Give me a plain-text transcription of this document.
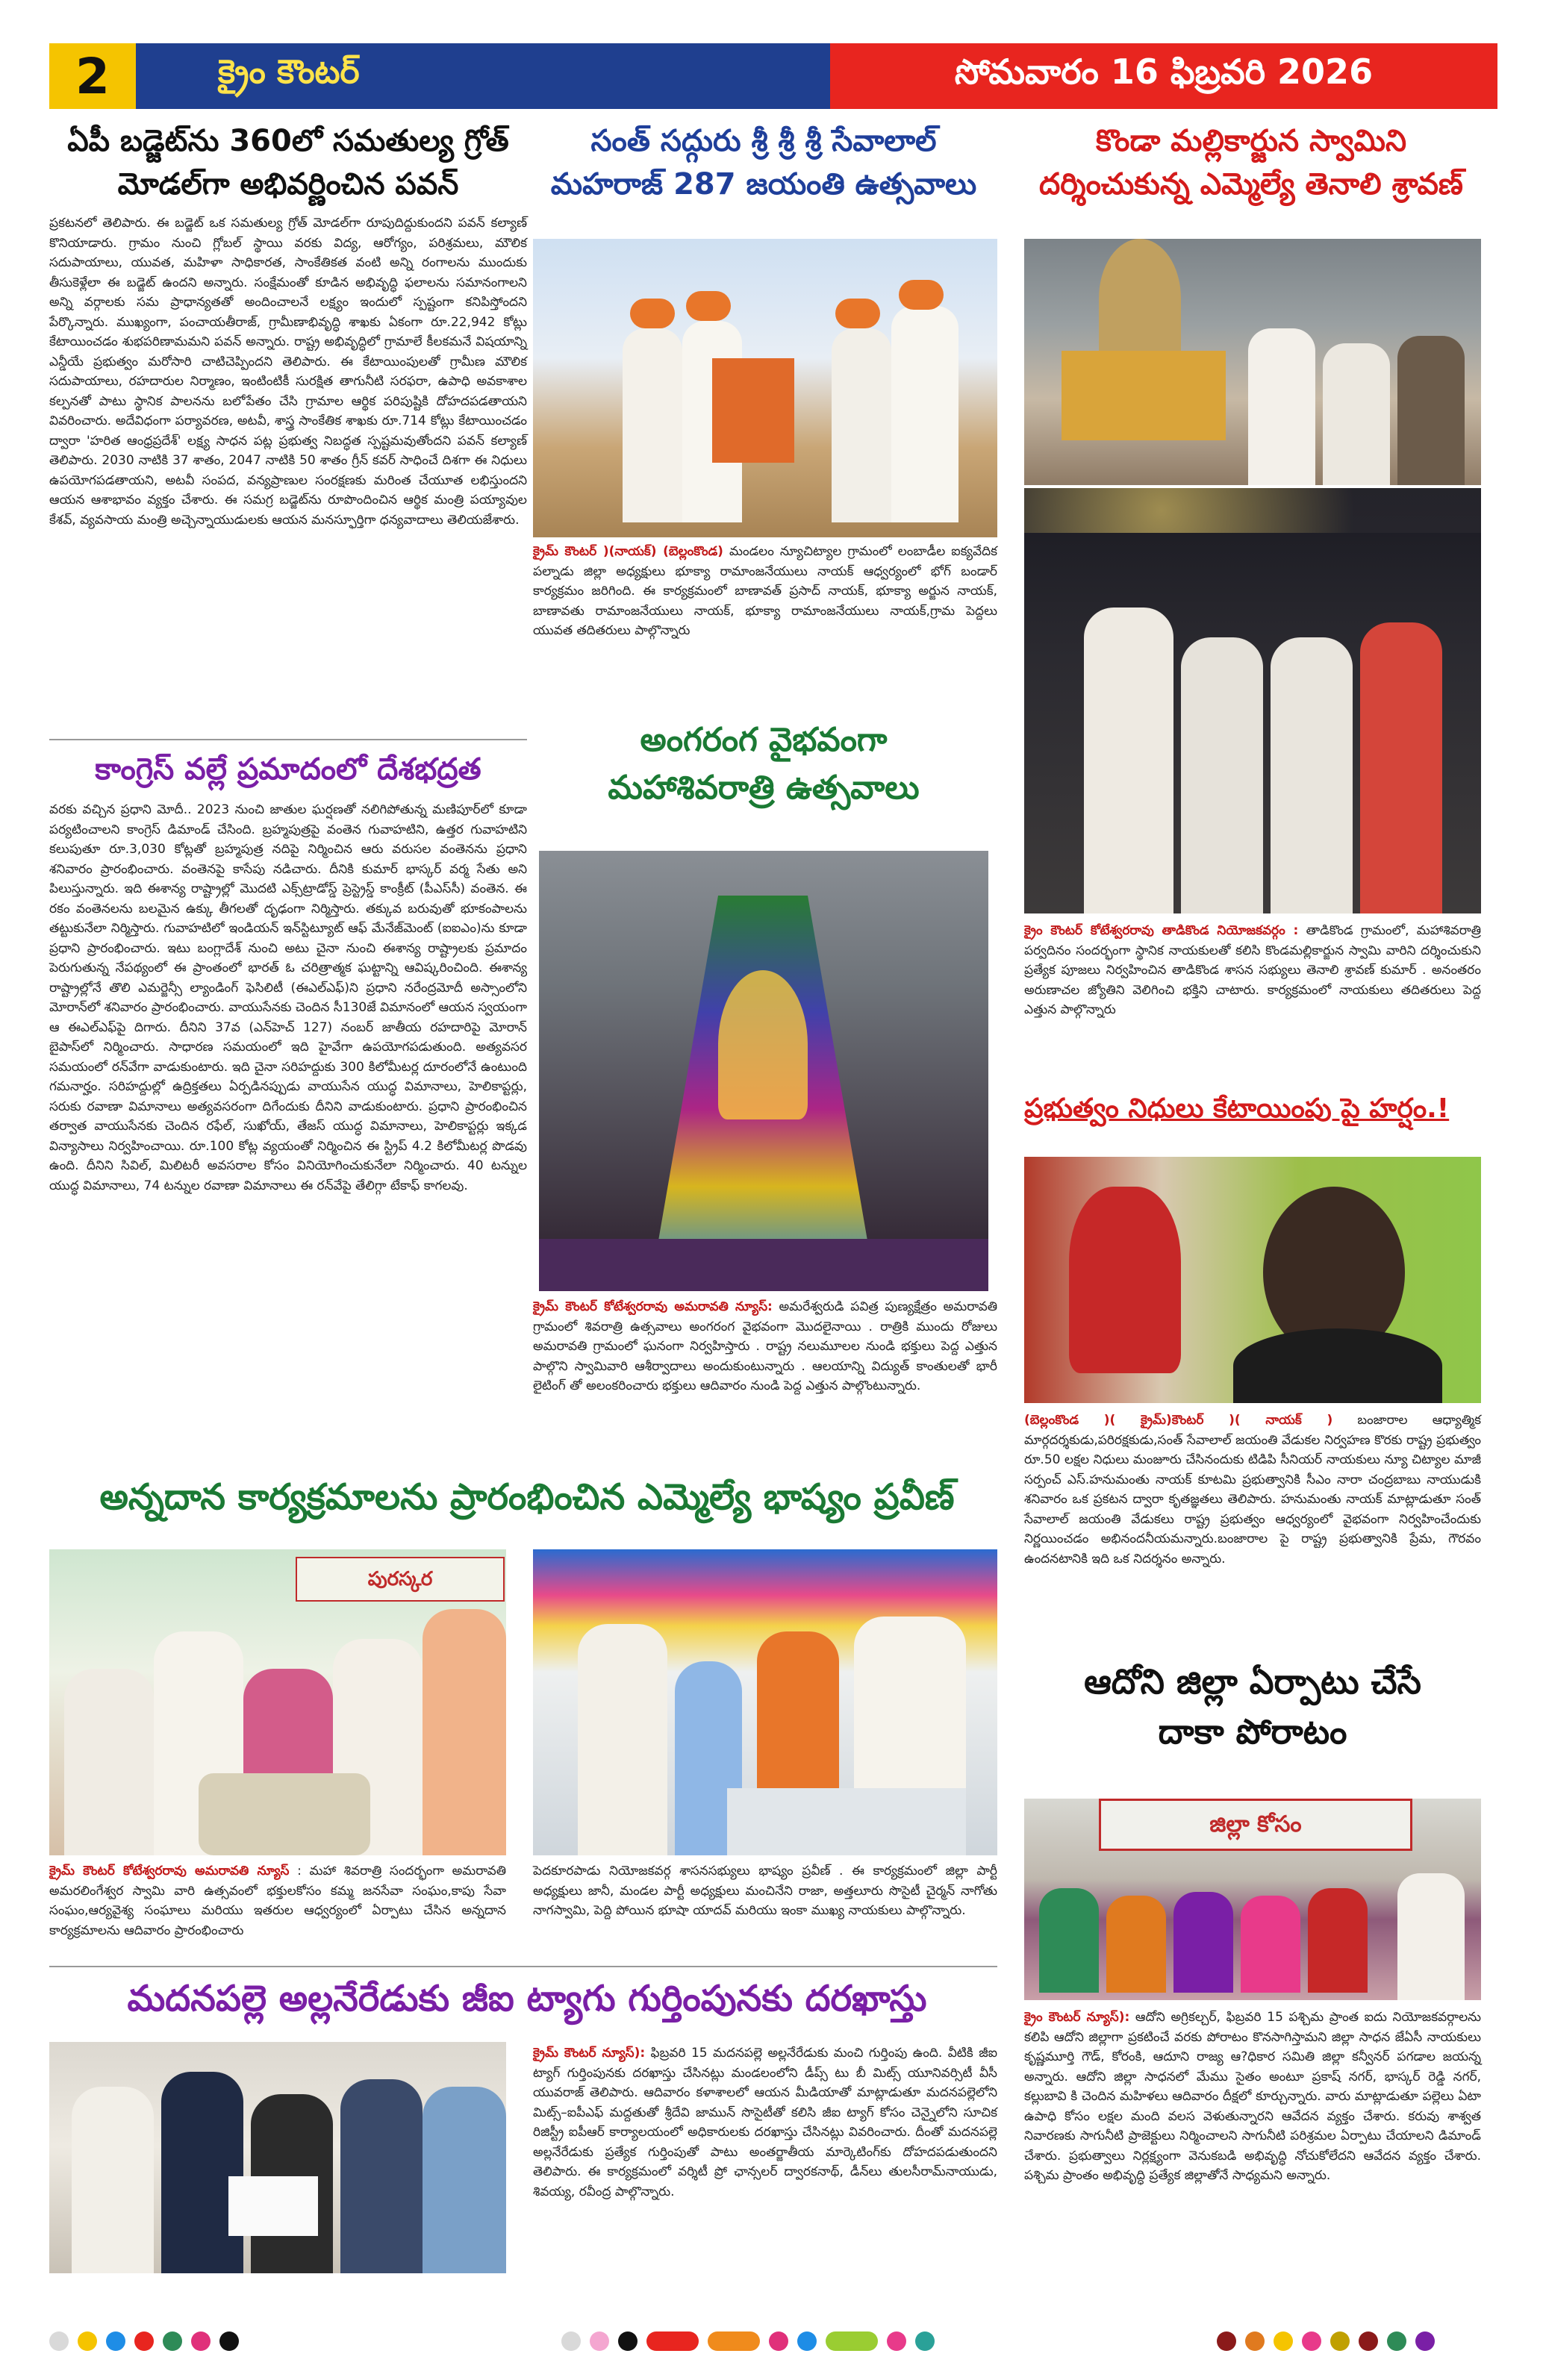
2	క్రైం కౌంటర్	సోమవారం 16 ఫిబ్రవరి 2026
ఏపీ బడ్జెట్‌ను 360లో సమతుల్య గ్రోత్
మోడల్‌గా అభివర్ణించిన పవన్
ప్రకటనలో తెలిపారు. ఈ బడ్జెట్ ఒక సమతుల్య గ్రోత్ మోడల్‌గా రూపుదిద్దుకుందని పవన్ కల్యాణ్ కొనియాడారు. గ్రామం నుంచి గ్లోబల్ స్థాయి వరకు విద్య, ఆరోగ్యం, పరిశ్రమలు, మౌలిక సదుపాయాలు, యువత, మహిళా సాధికారత, సాంకేతికత వంటి అన్ని రంగాలను ముందుకు తీసుకెళ్లేలా ఈ బడ్జెట్ ఉందని అన్నారు. సంక్షేమంతో కూడిన అభివృద్ధి ఫలాలను సమానంగాలని అన్ని వర్గాలకు సమ ప్రాధాన్యతతో అందించాలనే లక్ష్యం ఇందులో స్పష్టంగా కనిపిస్తోందని పేర్కొన్నారు. ముఖ్యంగా, పంచాయతీరాజ్, గ్రామీణాభివృద్ధి శాఖకు ఏకంగా రూ.22,942 కోట్లు కేటాయించడం శుభపరిణామమని పవన్ అన్నారు. రాష్ట్ర అభివృద్ధిలో గ్రామాలే కీలకమనే విషయాన్ని ఎన్డీయే ప్రభుత్వం మరోసారి చాటిచెప్పిందని తెలిపారు. ఈ కేటాయింపులతో గ్రామీణ మౌలిక సదుపాయాలు, రహదారుల నిర్మాణం, ఇంటింటికీ సురక్షిత తాగునీటి సరఫరా, ఉపాధి అవకాశాల కల్పనతో పాటు స్థానిక పాలనను బలోపేతం చేసి గ్రామాల ఆర్థిక పరిపుష్టికి దోహదపడతాయని వివరించారు. అదేవిధంగా పర్యావరణ, అటవీ, శాస్త్ర సాంకేతిక శాఖకు రూ.714 కోట్లు కేటాయించడం ద్వారా 'హరిత ఆంధ్రప్రదేశ్' లక్ష్య సాధన పట్ల ప్రభుత్వ నిబద్ధత స్పష్టమవుతోందని పవన్ కల్యాణ్ తెలిపారు. 2030 నాటికి 37 శాతం, 2047 నాటికి 50 శాతం గ్రీన్ కవర్ సాధించే దిశగా ఈ నిధులు ఉపయోగపడతాయని, అటవీ సంపద, వన్యప్రాణుల సంరక్షణకు మరింత చేయూత లభిస్తుందని ఆయన ఆశాభావం వ్యక్తం చేశారు. ఈ సమగ్ర బడ్జెట్‌ను రూపొందించిన ఆర్థిక మంత్రి పయ్యావుల కేశవ్, వ్యవసాయ మంత్రి అచ్చెన్నాయుడులకు ఆయన మనస్ఫూర్తిగా ధన్యవాదాలు తెలియజేశారు.
కాంగ్రెస్ వల్లే ప్రమాదంలో దేశభద్రత
వరకు వచ్చిన ప్రధాని మోదీ.. 2023 నుంచి జాతుల ఘర్షణతో నలిగిపోతున్న మణిపూర్‌లో కూడా పర్యటించాలని కాంగ్రెస్ డిమాండ్ చేసింది. బ్రహ్మపుత్రపై వంతెన గువాహటిని, ఉత్తర గువాహటిని కలుపుతూ రూ.3,030 కోట్లతో బ్రహ్మపుత్ర నదిపై నిర్మించిన ఆరు వరుసల వంతెనను ప్రధాని శనివారం ప్రారంభించారు. వంతెనపై కాసేపు నడిచారు. దీనికి కుమార్ భాస్కర్ వర్మ సేతు అని పిలుస్తున్నారు. ఇది ఈశాన్య రాష్ట్రాల్లో మొదటి ఎక్స్‌ట్రాడోస్డ్ ప్రెస్ట్రెస్డ్ కాంక్రీట్ (పీఎస్‌సీ) వంతెన. ఈ రకం వంతెనలను బలమైన ఉక్కు తీగలతో దృఢంగా నిర్మిస్తారు. తక్కువ బరువుతో భూకంపాలను తట్టుకునేలా నిర్మిస్తారు. గువాహటిలో ఇండియన్ ఇన్‌స్టిట్యూట్ ఆఫ్ మేనేజ్‌మెంట్ (ఐఐఎం)ను కూడా ప్రధాని ప్రారంభించారు. ఇటు బంగ్లాదేశ్ నుంచి అటు చైనా నుంచి ఈశాన్య రాష్ట్రాలకు ప్రమాదం పెరుగుతున్న నేపథ్యంలో ఈ ప్రాంతంలో భారత్ ఓ చరిత్రాత్మక ఘట్టాన్ని ఆవిష్కరించింది. ఈశాన్య రాష్ట్రాల్లోనే తొలి ఎమర్జెన్సీ ల్యాండింగ్ ఫెసిలిటీ (ఈఎల్ఎఫ్)ని ప్రధాని నరేంద్రమోదీ అస్సాంలోని మోరాన్‌లో శనివారం ప్రారంభించారు. వాయుసేనకు చెందిన సీ130జే విమానంలో ఆయన స్వయంగా ఆ ఈఎల్ఎఫ్‌పై దిగారు. దీనిని 37వ (ఎన్‌హెచ్ 127) నంబర్ జాతీయ రహదారిపై మోరాన్ బైపాస్‌లో నిర్మించారు. సాధారణ సమయంలో ఇది హైవేగా ఉపయోగపడుతుంది. అత్యవసర సమయంలో రన్‌వేగా వాడుకుంటారు. ఇది చైనా సరిహద్దుకు 300 కిలోమీటర్ల దూరంలోనే ఉంటుంది గమనార్హం. సరిహద్దుల్లో ఉద్రిక్తతలు ఏర్పడినప్పుడు వాయుసేన యుద్ధ విమానాలు, హెలికాప్టర్లు, సరుకు రవాణా విమానాలు అత్యవసరంగా దిగేందుకు దీనిని వాడుకుంటారు. ప్రధాని ప్రారంభించిన తర్వాత వాయుసేనకు చెందిన రఫేల్, సుఖోయ్, తేజస్ యుద్ధ విమానాలు, హెలికాప్టర్లు ఇక్కడ విన్యాసాలు నిర్వహించాయి. రూ.100 కోట్ల వ్యయంతో నిర్మించిన ఈ స్ట్రిప్ 4.2 కిలోమీటర్ల పొడవు ఉంది. దీనిని సివిల్, మిలిటరీ అవసరాల కోసం వినియోగించుకునేలా నిర్మించారు. 40 టన్నుల యుద్ధ విమానాలు, 74 టన్నుల రవాణా విమానాలు ఈ రన్‌వేపై తేలిగ్గా టేకాఫ్ కాగలవు.
సంత్ సద్గురు శ్రీ శ్రీ శ్రీ సేవాలాల్
మహరాజ్ 287 జయంతి ఉత్సవాలు
క్రైమ్ కౌంటర్ )(నాయక్) (బెల్లంకొండ) మండలం న్యూచిట్యాల గ్రామంలో లంబాడీల ఐక్యవేదిక పల్నాడు జిల్లా అధ్యక్షులు భూక్యా రామాంజనేయులు నాయక్ ఆధ్వర్యంలో భోగ్ బండార్ కార్యక్రమం జరిగింది. ఈ కార్యక్రమంలో బాణావత్ ప్రసాద్ నాయక్, భూక్యా అర్జున నాయక్, బాణావతు రామాంజనేయులు నాయక్, భూక్యా రామాంజనేయులు నాయక్,గ్రామ పెద్దలు యువత తదితరులు పాల్గొన్నారు
అంగరంగ వైభవంగా
మహాశివరాత్రి ఉత్సవాలు
క్రైమ్ కౌంటర్ కోటేశ్వరరావు అమరావతి న్యూస్: అమరేశ్వరుడి పవిత్ర పుణ్యక్షేత్రం అమరావతి గ్రామంలో శివరాత్రి ఉత్సవాలు అంగరంగ వైభవంగా మొదలైనాయి . రాత్రికి ముందు రోజులు అమరావతి గ్రామంలో ఘనంగా నిర్వహిస్తారు . రాష్ట్ర నలుమూలల నుండి భక్తులు పెద్ద ఎత్తున పాల్గొని స్వామివారి ఆశీర్వాదాలు అందుకుంటున్నారు . ఆలయాన్ని విద్యుత్ కాంతులతో భారీ లైటింగ్ తో అలంకరించారు భక్తులు ఆదివారం నుండి పెద్ద ఎత్తున పాల్గొంటున్నారు.
కొండా మల్లికార్జున స్వామిని
దర్శించుకున్న ఎమ్మెల్యే తెనాలి శ్రావణ్
క్రైం కౌంటర్ కోటేశ్వరరావు తాడికొండ నియోజకవర్గం : తాడికొండ గ్రామంలో, మహాశివరాత్రి పర్వదినం సందర్భంగా స్థానిక నాయకులతో కలిసి కొండమల్లికార్జున స్వామి వారిని దర్శించుకుని ప్రత్యేక పూజలు నిర్వహించిన తాడికొండ శాసన సభ్యులు తెనాలి శ్రావణ్ కుమార్ . అనంతరం అరుణాచల జ్యోతిని వెలిగించి భక్తిని చాటారు. కార్యక్రమంలో నాయకులు తదితరులు పెద్ద ఎత్తున పాల్గొన్నారు
ప్రభుత్వం నిధులు కేటాయింపు పై హర్షం.!
(బెల్లంకొండ )( క్రైమ్)కౌంటర్ )( నాయక్ ) బంజారాల ఆధ్యాత్మిక మార్గదర్శకుడు,పరిరక్షకుడు,సంత్ సేవాలాల్ జయంతి వేడుకల నిర్వహణ కొరకు రాష్ట్ర ప్రభుత్వం రూ.50 లక్షల నిధులు మంజూరు చేసినందుకు టిడిపి సీనియర్ నాయకులు న్యూ చిట్యాల మాజీ సర్పంచ్ ఎస్.హనుమంతు నాయక్ కూటమి ప్రభుత్వానికి సీఎం నారా చంద్రబాబు నాయుడుకి శనివారం ఒక ప్రకటన ద్వారా కృతజ్ఞతలు తెలిపారు. హనుమంతు నాయక్ మాట్లాడుతూ సంత్ సేవాలాల్ జయంతి వేడుకలు రాష్ట్ర ప్రభుత్వం ఆధ్వర్యంలో వైభవంగా నిర్వహించేందుకు నిర్ణయించడం అభినందనీయమన్నారు.బంజారాల పై రాష్ట్ర ప్రభుత్వానికి ప్రేమ, గౌరవం ఉందనటానికి ఇది ఒక నిదర్శనం అన్నారు.
ఆదోని జిల్లా ఏర్పాటు చేసే
దాకా పోరాటం
జిల్లా కోసం
క్రైం కౌంటర్ న్యూస్): ఆదోని అగ్రికల్చర్, ఫిబ్రవరి 15 పశ్చిమ ప్రాంత ఐదు నియోజకవర్గాలను కలిపి ఆదోని జిల్లాగా ప్రకటించే వరకు పోరాటం కొనసాగిస్తామని జిల్లా సాధన జేఏసీ నాయకులు కృష్ణమూర్తి గౌడ్, కోరంకి, ఆదూని రాజ్య ఆ?ధికార సమితి జిల్లా కన్వీనర్ పగడాల జయన్న అన్నారు. ఆదోని జిల్లా సాధనలో మేము సైతం అంటూ ప్రకాష్ నగర్, భాస్కర్ రెడ్డి నగర్, కల్లుబావి కి చెందిన మహిళలు ఆదివారం దీక్షలో కూర్చున్నారు. వారు మాట్లాడుతూ పల్లెలు ఏటా ఉపాధి కోసం లక్షల మంది వలస వెళుతున్నారని ఆవేదన వ్యక్తం చేశారు. కరువు శాశ్వత నివారణకు సాగునీటి ప్రాజెక్టులు నిర్మించాలని సాగునీటి పరిశ్రమల ఏర్పాటు చేయాలని డిమాండ్ చేశారు. ప్రభుత్వాలు నిర్లక్ష్యంగా వెనుకబడి అభివృద్ధి నోచుకోలేదని ఆవేదన వ్యక్తం చేశారు. పశ్చిమ ప్రాంతం అభివృద్ధి ప్రత్యేక జిల్లాతోనే సాధ్యమని అన్నారు.
అన్నదాన కార్యక్రమాలను ప్రారంభించిన ఎమ్మెల్యే భాష్యం ప్రవీణ్
పురస్కర
క్రైమ్ కౌంటర్ కోటేశ్వరరావు అమరావతి న్యూస్ : మహా శివరాత్రి సందర్భంగా అమరావతి అమరలింగేశ్వర స్వామి వారి ఉత్సవంలో భక్తులకోసం కమ్మ జనసేవా సంఘం,కాపు సేవా సంఘం,ఆర్యవైశ్య సంఘాలు మరియు ఇతరుల ఆధ్వర్యంలో ఏర్పాటు చేసిన అన్నదాన కార్యక్రమాలను ఆదివారం ప్రారంభించారు
పెదకూరపాడు నియోజకవర్గ శాసనసభ్యులు భాష్యం ప్రవీణ్ . ఈ కార్యక్రమంలో జిల్లా పార్టీ అధ్యక్షులు జానీ, మండల పార్టీ అధ్యక్షులు మంచినేని రాజా, అత్తలూరు సొసైటీ చైర్మన్ నాగోతు నాగస్వామి, పెద్ది పోయిన భూషా యాదవ్ మరియు ఇంకా ముఖ్య నాయకులు పాల్గొన్నారు.
మదనపల్లె అల్లనేరేడుకు జీఐ ట్యాగు గుర్తింపునకు దరఖాస్తు
క్రైమ్ కౌంటర్ న్యూస్): ఫిబ్రవరి 15 మదనపల్లె అల్లనేరేడుకు మంచి గుర్తింపు ఉంది. వీటికి జీఐ ట్యాగ్ గుర్తింపునకు దరఖాస్తు చేసినట్లు మండలంలోని డీప్స్ టు బీ మిట్స్ యూనివర్సిటీ వీసీ యువరాజ్ తెలిపారు. ఆదివారం కళాశాలలో ఆయన మీడియాతో మాట్లాడుతూ మదనపల్లెలోని మిట్స్–ఐపీఎఫ్ మద్దతుతో శ్రీదేవి జామున్ సొసైటీతో కలిసి జీఐ ట్యాగ్ కోసం చెన్నైలోని సూచిక రిజిస్ట్రీ ఐపీఆర్ కార్యాలయంలో అధికారులకు దరఖాస్తు చేసినట్లు వివరించారు. దీంతో మదనపల్లె అల్లనేరేడుకు ప్రత్యేక గుర్తింపుతో పాటు అంతర్జాతీయ మార్కెటింగ్‌కు దోహదపడుతుందని తెలిపారు. ఈ కార్యక్రమంలో వర్శిటీ ప్రో ఛాన్సలర్ ద్వారకనాథ్, డీన్‌లు తులసీరామ్‌నాయుడు, శివయ్య, రవీంద్ర పాల్గొన్నారు.
